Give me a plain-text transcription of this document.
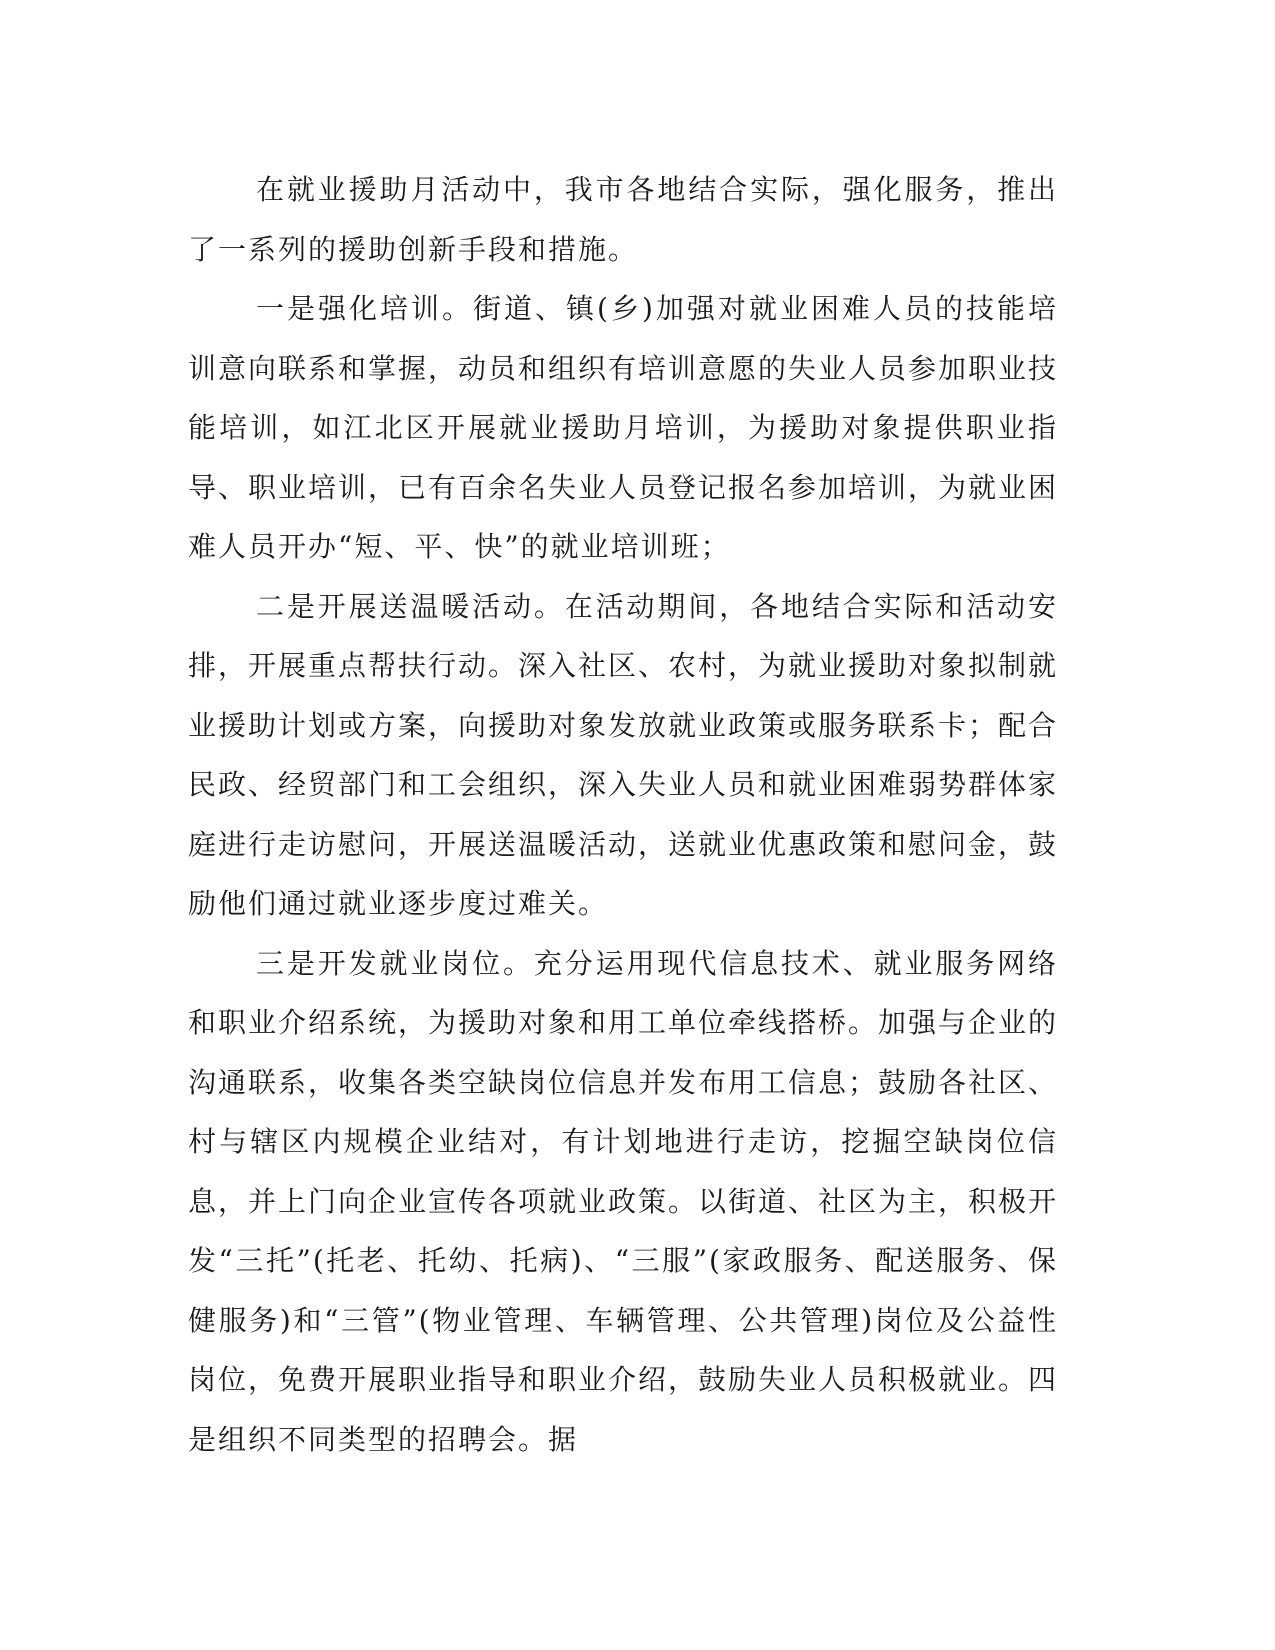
在就业援助月活动中，我市各地结合实际，强化服务，推出了一系列的援助创新手段和措施。

一是强化培训。街道、镇(乡)加强对就业困难人员的技能培训意向联系和掌握，动员和组织有培训意愿的失业人员参加职业技能培训，如江北区开展就业援助月培训，为援助对象提供职业指导、职业培训，已有百余名失业人员登记报名参加培训，为就业困难人员开办“短、平、快”的就业培训班；

二是开展送温暖活动。在活动期间，各地结合实际和活动安排，开展重点帮扶行动。深入社区、农村，为就业援助对象拟制就业援助计划或方案，向援助对象发放就业政策或服务联系卡；配合民政、经贸部门和工会组织，深入失业人员和就业困难弱势群体家庭进行走访慰问，开展送温暖活动，送就业优惠政策和慰问金，鼓励他们通过就业逐步度过难关。

三是开发就业岗位。充分运用现代信息技术、就业服务网络和职业介绍系统，为援助对象和用工单位牵线搭桥。加强与企业的沟通联系，收集各类空缺岗位信息并发布用工信息；鼓励各社区、村与辖区内规模企业结对，有计划地进行走访，挖掘空缺岗位信息，并上门向企业宣传各项就业政策。以街道、社区为主，积极开发“三托”(托老、托幼、托病)、“三服”(家政服务、配送服务、保健服务)和“三管”(物业管理、车辆管理、公共管理)岗位及公益性岗位，免费开展职业指导和职业介绍，鼓励失业人员积极就业。四是组织不同类型的招聘会。据
